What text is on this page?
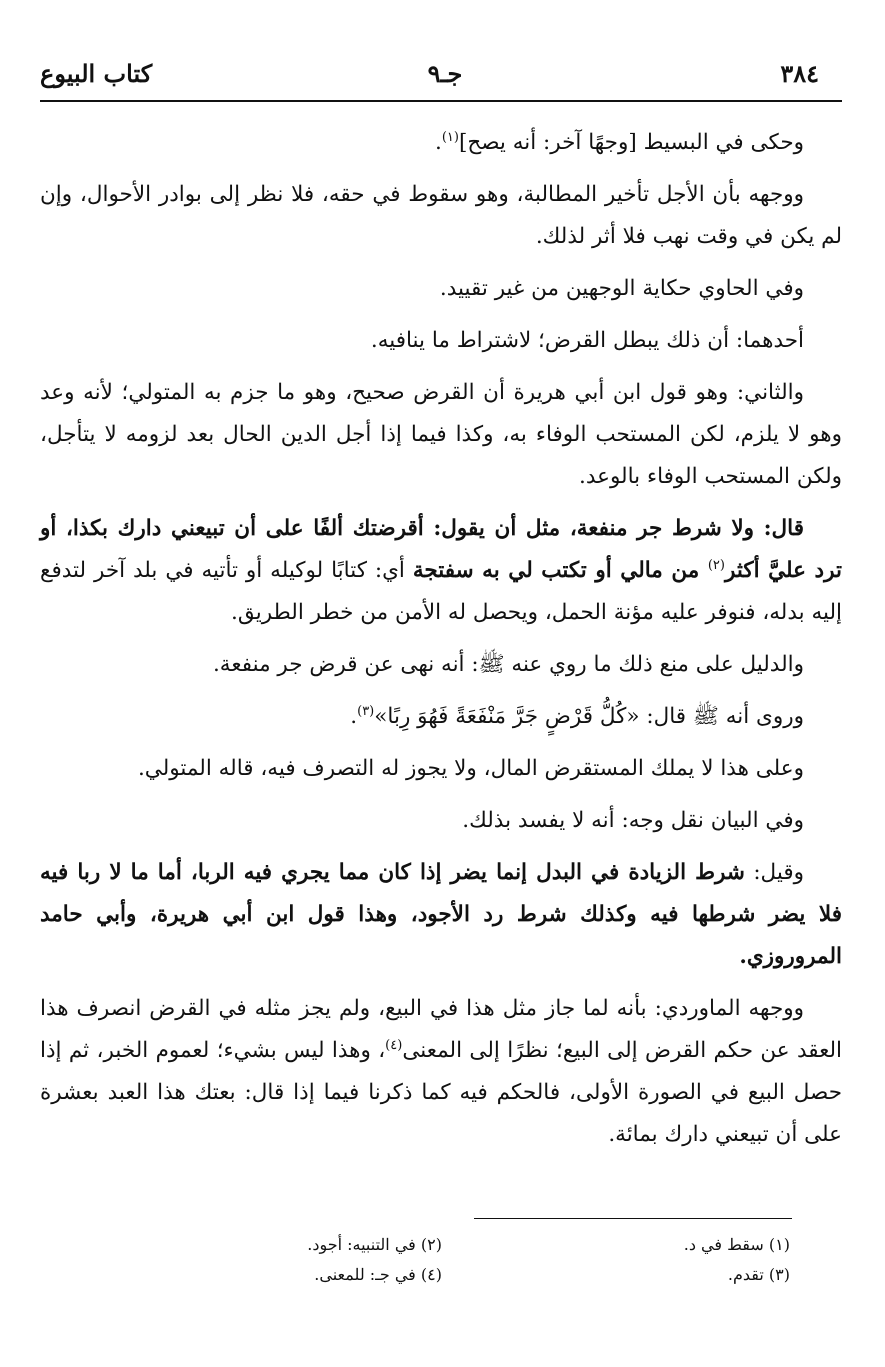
٣٨٤
جـ٩
كتاب البيوع

وحكى في البسيط [وجهًا آخر: أنه يصح]$^{(١)}$.

ووجهه بأن الأجل تأخير المطالبة، وهو سقوط في حقه، فلا نظر إلى بوادر الأحوال، وإن لم يكن في وقت نهب فلا أثر لذلك.

وفي الحاوي حكاية الوجهين من غير تقييد.

أحدهما: أن ذلك يبطل القرض؛ لاشتراط ما ينافيه.

والثاني: وهو قول ابن أبي هريرة أن القرض صحيح، وهو ما جزم به المتولي؛ لأنه وعد وهو لا يلزم، لكن المستحب الوفاء به، وكذا فيما إذا أجل الدين الحال بعد لزومه لا يتأجل، ولكن المستحب الوفاء بالوعد.

قال: ولا شرط جر منفعة، مثل أن يقول: أقرضتك ألفًا على أن تبيعني دارك بكذا، أو ترد عليَّ أكثر$^{(٢)}$ من مالي أو تكتب لي به سفتجة أي: كتابًا لوكيله أو تأتيه في بلد آخر لتدفع إليه بدله، فنوفر عليه مؤنة الحمل، ويحصل له الأمن من خطر الطريق.

والدليل على منع ذلك ما روي عنه ﷺ: أنه نهى عن قرض جر منفعة.

وروى أنه ﷺ قال: «كُلُّ قَرْضٍ جَرَّ مَنْفَعَةً فَهُوَ رِبًا»$^{(٣)}$.

وعلى هذا لا يملك المستقرض المال، ولا يجوز له التصرف فيه، قاله المتولي.

وفي البيان نقل وجه: أنه لا يفسد بذلك.

وقيل: شرط الزيادة في البدل إنما يضر إذا كان مما يجري فيه الربا، أما ما لا ربا فيه فلا يضر شرطها فيه وكذلك شرط رد الأجود، وهذا قول ابن أبي هريرة، وأبي حامد المروروزي.

ووجهه الماوردي: بأنه لما جاز مثل هذا في البيع، ولم يجز مثله في القرض انصرف هذا العقد عن حكم القرض إلى البيع؛ نظرًا إلى المعنى$^{(٤)}$، وهذا ليس بشيء؛ لعموم الخبر، ثم إذا حصل البيع في الصورة الأولى، فالحكم فيه كما ذكرنا فيما إذا قال: بعتك هذا العبد بعشرة على أن تبيعني دارك بمائة.

(١) سقط في د.
(٢) في التنبيه: أجود.
(٣) تقدم.
(٤) في جـ: للمعنى.
